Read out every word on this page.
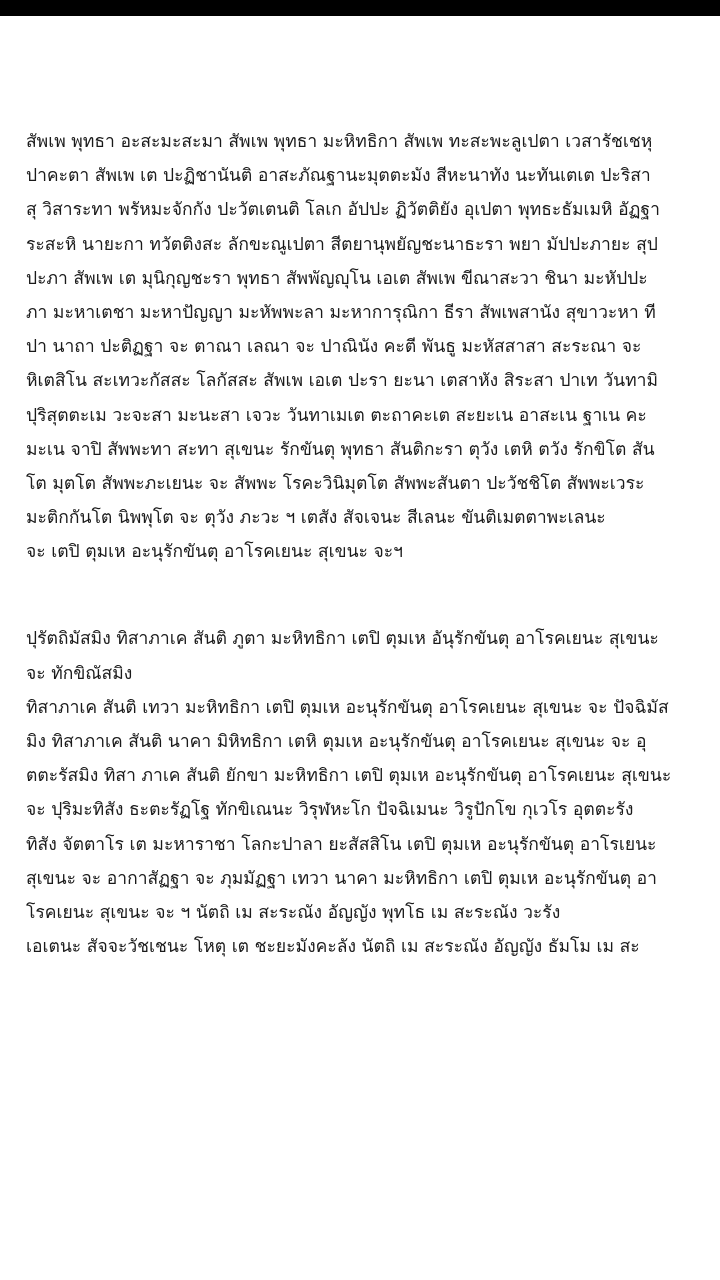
สัพเพ พุทธา อะสะมะสะมา สัพเพ พุทธา มะหิทธิกา สัพเพ ทะสะพะลูเปตา เวสารัชเชหุ
ปาคะตา สัพเพ เต ปะฏิชานันติ อาสะภัณฐานะมุตตะมัง สีหะนาทัง นะทันเตเต ปะริสา
สุ วิสาระทา พรัหมะจักกัง ปะวัตเตนติ โลเก อัปปะ ฏิวัตติยัง อุเปตา พุทธะธัมเมหิ อัฏฐา
ระสะหิ นายะกา ทวัตติงสะ ลักขะณูเปตา สีตยานุพยัญชะนาธะรา พยา มัปปะภายะ สุป
ปะภา สัพเพ เต มุนิกุญชะรา พุทธา สัพพัญญุโน เอเต สัพเพ ขีณาสะวา ชินา มะหัปปะ
ภา มะหาเตชา มะหาปัญญา มะหัพพะลา มะหาการุณิกา ธีรา สัพเพสานัง สุขาวะหา ที
ปา นาถา ปะติฏฐา จะ ตาณา เลณา จะ ปาณินัง คะตี พันธู มะหัสสาสา สะระณา จะ
หิเตสิโน สะเทวะกัสสะ โลกัสสะ สัพเพ เอเต ปะรา ยะนา เตสาหัง สิระสา ปาเท วันทามิ
ปุริสุตตะเม วะจะสา มะนะสา เจวะ วันทาเมเต ตะถาคะเต สะยะเน อาสะเน ฐาเน คะ
มะเน จาปิ สัพพะทา สะทา สุเขนะ รักขันตุ พุทธา สันติกะรา ตุวัง เตหิ ตวัง รักขิโต สัน
โต มุตโต สัพพะภะเยนะ จะ สัพพะ โรคะวินิมุตโต สัพพะสันตา ปะวัชชิโต สัพพะเวระ
มะติกกันโต นิพพุโต จะ ตุวัง ภะวะ ฯ เตสัง สัจเจนะ สีเลนะ ขันติเมตตาพะเลนะ
จะ เตปิ ตุมเห อะนุรักขันตุ อาโรคเยนะ สุเขนะ จะฯ
ปุรัตถิมัสมิง ทิสาภาเค สันติ ภูตา มะหิทธิกา เตปิ ตุมเห อันุรักขันตุ อาโรคเยนะ สุเขนะ
จะ ทักขิณัสมิง
ทิสาภาเค สันติ เทวา มะหิทธิกา เตปิ ตุมเห อะนุรักขันตุ อาโรคเยนะ สุเขนะ จะ ปัจฉิมัส
มิง ทิสาภาเค สันติ นาคา มิหิทธิกา เตหิ ตุมเห อะนุรักขันตุ อาโรคเยนะ สุเขนะ จะ อุ
ตตะรัสมิง ทิสา ภาเค สันติ ยักขา มะหิทธิกา เตปิ ตุมเห อะนุรักขันตุ อาโรคเยนะ สุเขนะ
จะ ปุริมะทิสัง ธะตะรัฏโฐ ทักขิเณนะ วิรุฬหะโก ปัจฉิเมนะ วิรูปักโข กุเวโร อุตตะรัง
ทิสัง จัตตาโร เต มะหาราชา โลกะปาลา ยะสัสสิโน เตปิ ตุมเห อะนุรักขันตุ อาโรเยนะ
สุเขนะ จะ อากาสัฏฐา จะ ภุมมัฏฐา เทวา นาคา มะหิทธิกา เตปิ ตุมเห อะนุรักขันตุ อา
โรคเยนะ สุเขนะ จะ ฯ นัตถิ เม สะระณัง อัญญัง พุทโธ เม สะระณัง วะรัง
เอเตนะ สัจจะวัชเชนะ โหตุ เต ชะยะมังคะลัง นัตถิ เม สะระณัง อัญญัง ธัมโม เม สะ
